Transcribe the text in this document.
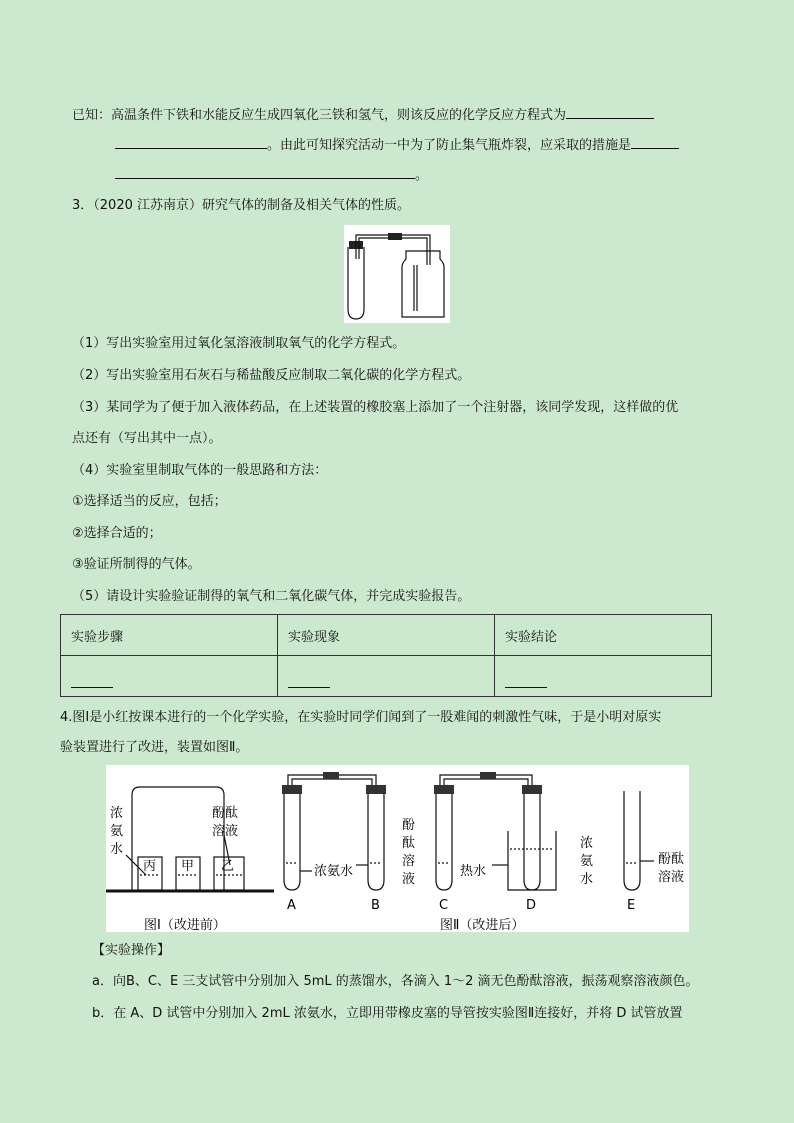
已知：高温条件下铁和水能反应生成四氧化三铁和氢气，则该反应的化学反应方程式为
。由此可知探究活动一中为了防止集气瓶炸裂，应采取的措施是
。
3．（2020 江苏南京）研究气体的制备及相关气体的性质。
（1）写出实验室用过氧化氢溶液制取氧气的化学方程式。
（2）写出实验室用石灰石与稀盐酸反应制取二氧化碳的化学方程式。
（3）某同学为了便于加入液体药品，在上述装置的橡胶塞上添加了一个注射器，该同学发现，这样做的优
点还有（写出其中一点）。
（4）实验室里制取气体的一般思路和方法：
①选择适当的反应，包括；
②选择合适的；
③验证所制得的气体。
（5）请设计实验验证制得的氧气和二氧化碳气体，并完成实验报告。
实验步骤	实验现象	实验结论

4.图Ⅰ是小红按课本进行的一个化学实验，在实验时同学们闻到了一股难闻的刺激性气味，于是小明对原实
验装置进行了改进，装置如图Ⅱ。
浓
氨
水
酚酞
溶液
丙 甲 乙
图Ⅰ（改进前）
浓氨水
酚
酞
溶
液
热水
浓
氨
水
酚酞
溶液
A	B	C	D	E
图Ⅱ（改进后）
【实验操作】
a．向B、C、E 三支试管中分别加入 5mL 的蒸馏水，各滴入 1～2 滴无色酚酞溶液，振荡观察溶液颜色。
b．在 A、D 试管中分别加入 2mL 浓氨水，立即用带橡皮塞的导管按实验图Ⅱ连接好，并将 D 试管放置
